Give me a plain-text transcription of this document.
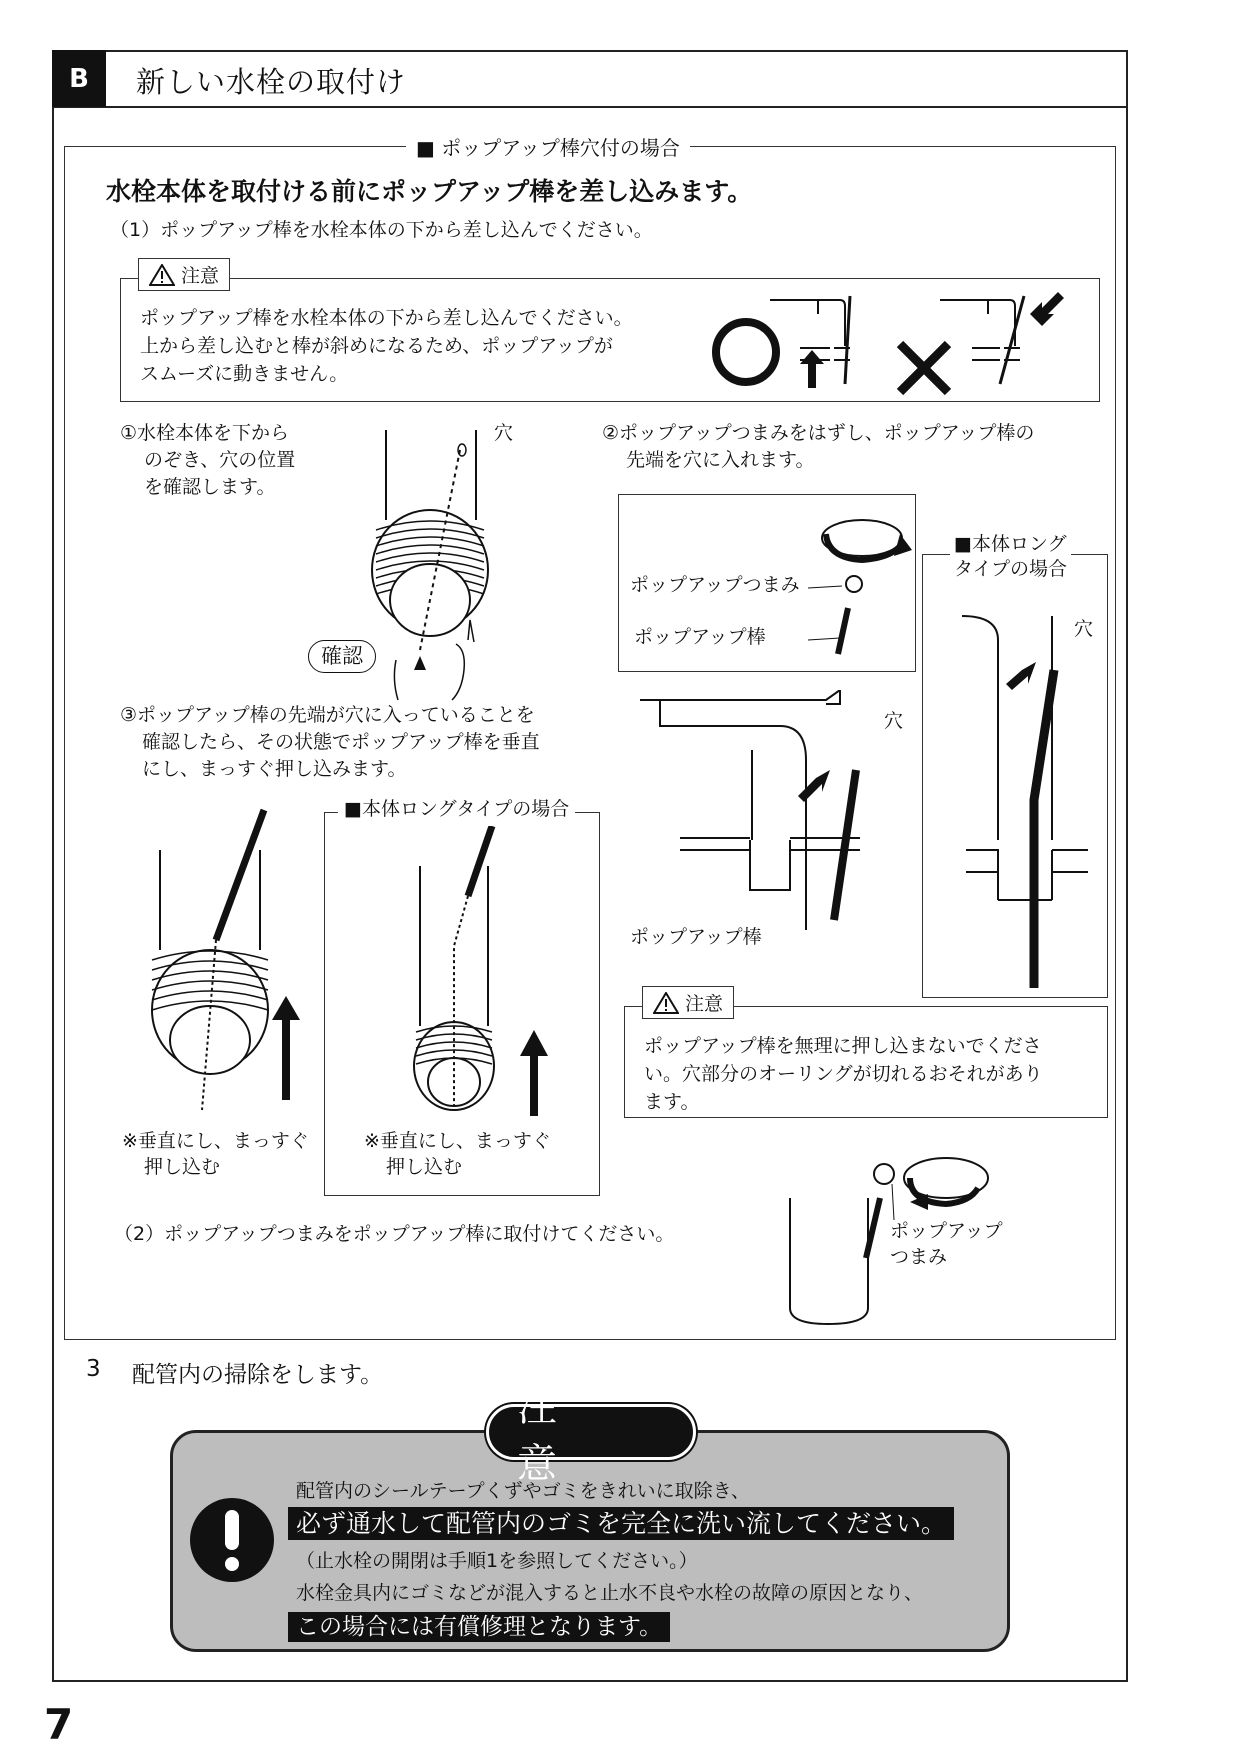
B	新しい水栓の取付け
■ ポップアップ棒穴付の場合
水栓本体を取付ける前にポップアップ棒を差し込みます。
（1）ポップアップ棒を水栓本体の下から差し込んでください。
注意
ポップアップ棒を水栓本体の下から差し込んでください。
上から差し込むと棒が斜めになるため、ポップアップが
スムーズに動きません。
①水栓本体を下から
のぞき、穴の位置
を確認します。
穴
確認
②ポップアップつまみをはずし、ポップアップ棒の
先端を穴に入れます。
ポップアップつまみ
ポップアップ棒
■本体ロング
タイプの場合
穴
穴
ポップアップ棒
③ポップアップ棒の先端が穴に入っていることを
確認したら、その状態でポップアップ棒を垂直
にし、まっすぐ押し込みます。
※垂直にし、まっすぐ
押し込む
■本体ロングタイプの場合
※垂直にし、まっすぐ
押し込む
注意
ポップアップ棒を無理に押し込まないでくださ
い。穴部分のオーリングが切れるおそれがあり
ます。
（2）ポップアップつまみをポップアップ棒に取付けてください。	ポップアップ
つまみ
3 配管内の掃除をします。
注
配管内のシールテープくずやゴミをきれいに取除き、
必ず通水して配管内のゴミを完全に洗い流してください。
（止水栓の開閉は手順1を参照してください。）
水栓金具内にゴミなどが混入すると止水不良や水栓の故障の原因となり、
この場合には有償修理となります。
7
